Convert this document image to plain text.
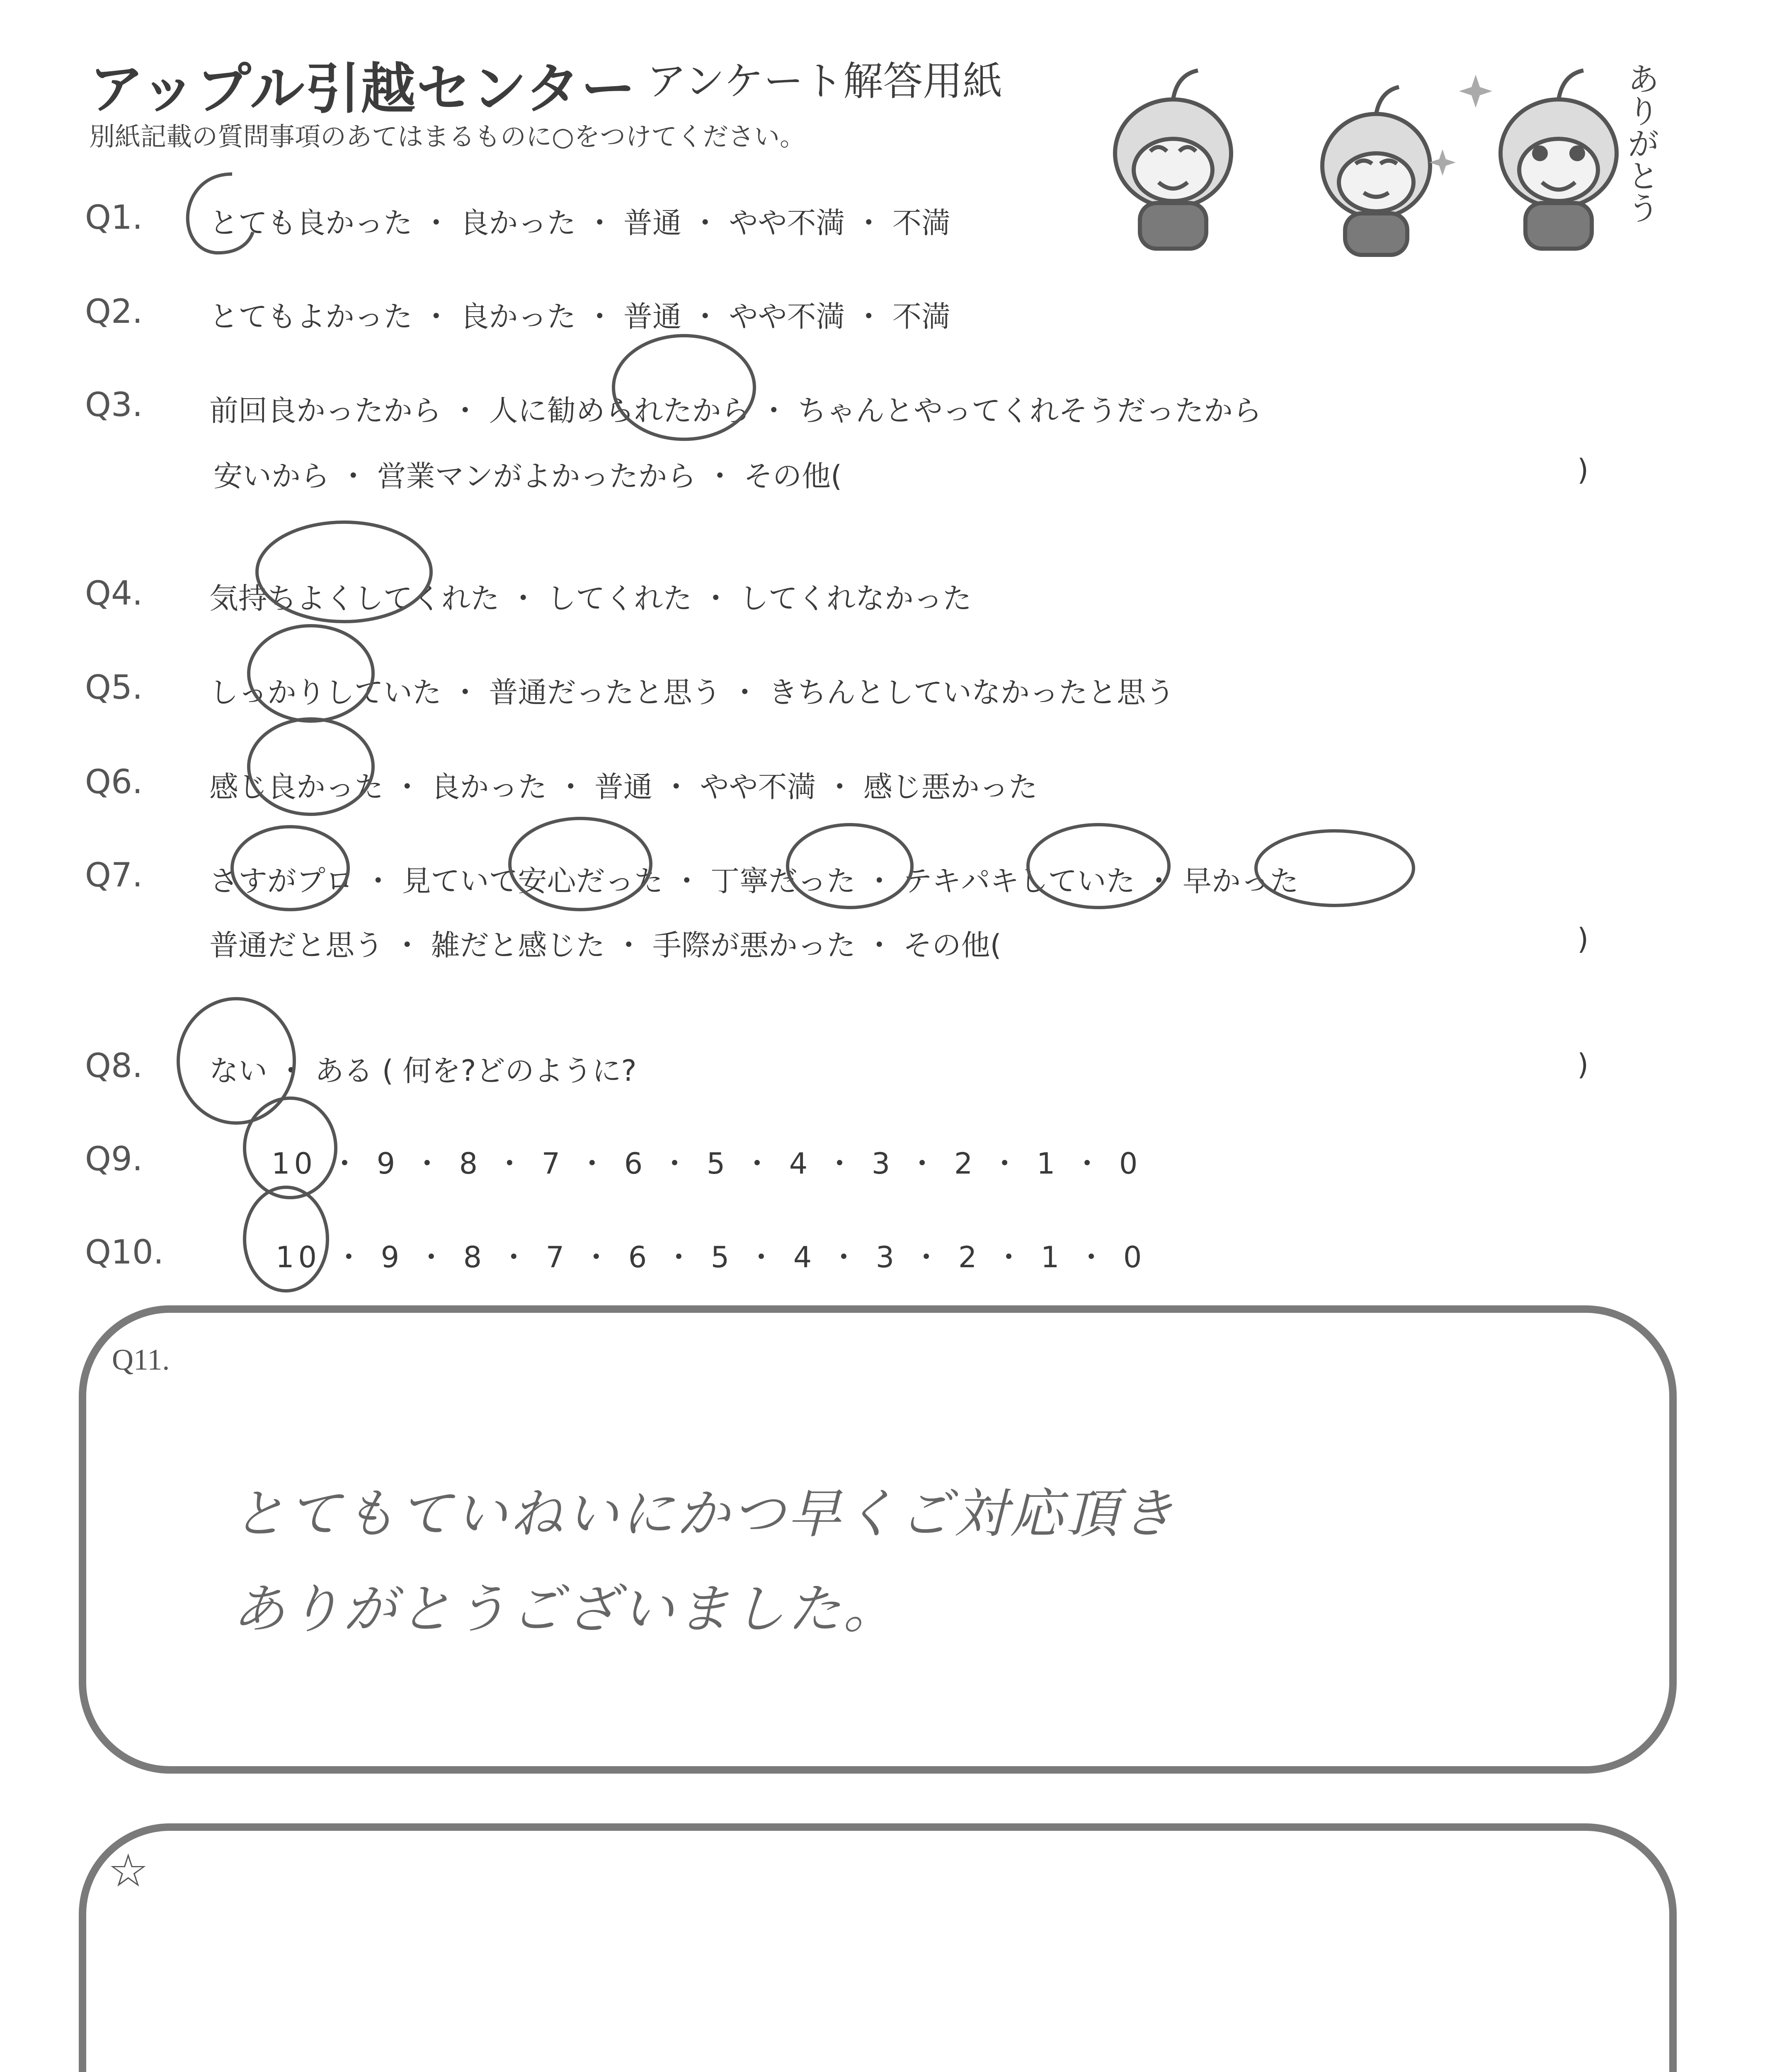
アップル引越センター アンケート解答用紙
別紙記載の質問事項のあてはまるものに○をつけてください。	ありがとう
Q1. とても良かった ・ 良かった ・ 普通 ・ やや不満 ・ 不満
Q2. とてもよかった ・ 良かった ・ 普通 ・ やや不満 ・ 不満
Q3. 前回良かったから ・ 人に勧められたから ・ ちゃんとやってくれそうだったから
安いから ・ 営業マンがよかったから ・ その他(	)
Q4. 気持ちよくしてくれた ・ してくれた ・ してくれなかった
Q5. しっかりしていた ・ 普通だったと思う ・ きちんとしていなかったと思う
Q6. 感じ良かった ・ 良かった ・ 普通 ・ やや不満 ・ 感じ悪かった
Q7. さすがプロ ・ 見ていて安心だった ・ 丁寧だった ・ テキパキしていた ・ 早かった
普通だと思う ・ 雑だと感じた ・ 手際が悪かった ・ その他(	)
Q8. ない ・ ある ( 何を?どのように?	)
Q9.	10 ・ 9 ・ 8 ・ 7 ・ 6 ・ 5 ・ 4 ・ 3 ・ 2 ・ 1 ・ 0
Q10.	10 ・ 9 ・ 8 ・ 7 ・ 6 ・ 5 ・ 4 ・ 3 ・ 2 ・ 1 ・ 0
Q11.
とてもていねいにかつ早くご対応頂き
ありがとうございました。
☆
